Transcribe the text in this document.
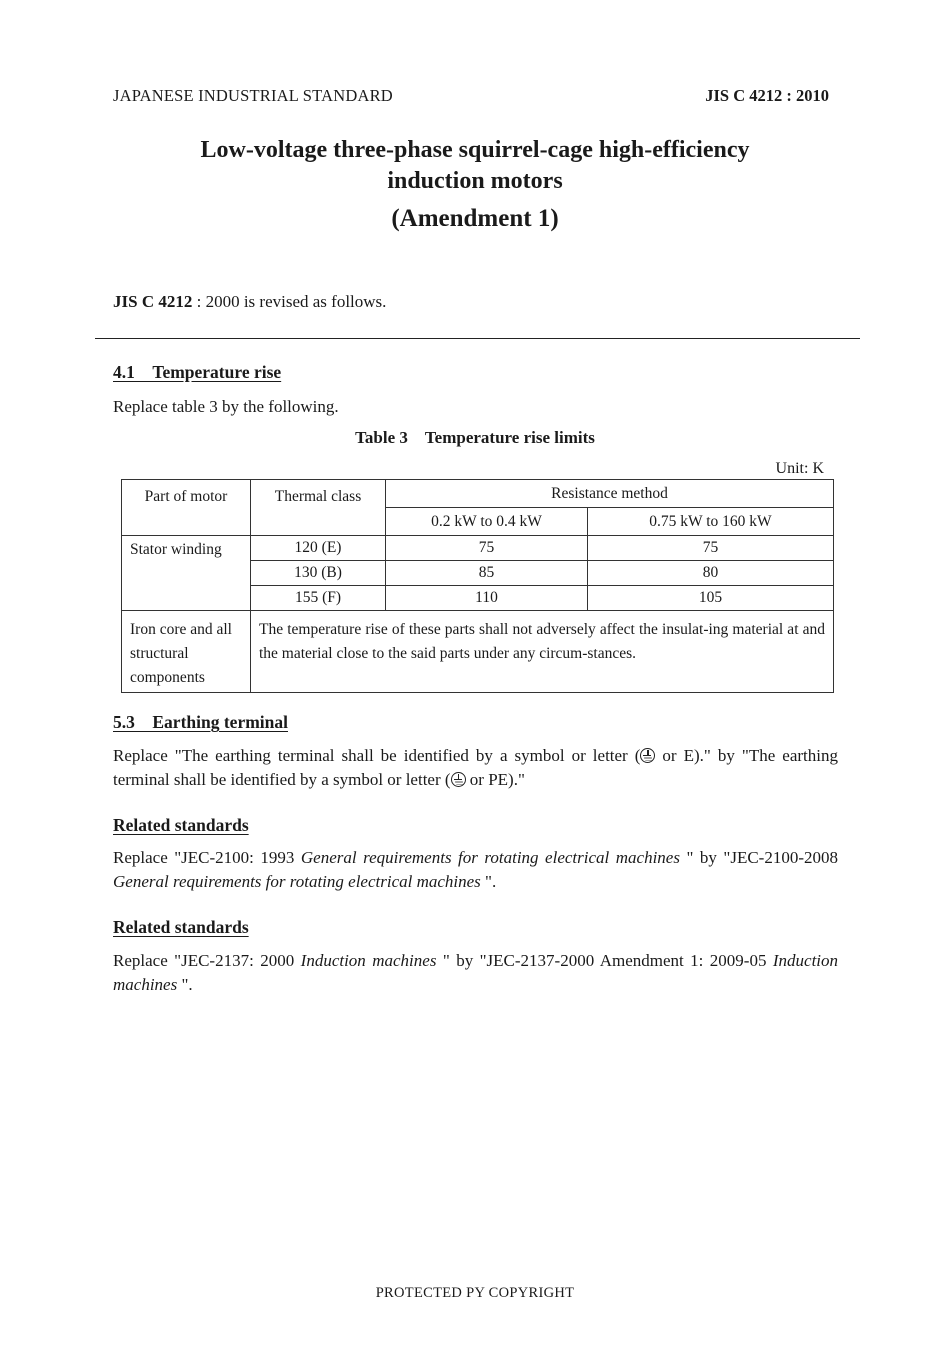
JAPANESE INDUSTRIAL STANDARD	JIS C 4212 : 2010
Low-voltage three-phase squirrel-cage high-efficiency
induction motors
(Amendment 1)
JIS C 4212 : 2000 is revised as follows.
4.1 Temperature rise
Replace table 3 by the following.
Table 3 Temperature rise limits
Unit: K
Part of motor	Thermal class	Resistance method	
		0.2 kW to 0.4 kW	0.75 kW to 160 kW
Stator winding	120 (E)	75	75
	130 (B)	85	80
	155 (F)	110	105
Iron core and all structural components	The temperature rise of these parts shall not adversely affect the insulat-ing material at and the material close to the said parts under any circum-stances.		
5.3 Earthing terminal
Replace "The earthing terminal shall be identified by a symbol or letter ( or E)." by "The earthing terminal shall be identified by a symbol or letter ( or PE)."
Related standards
Replace "JEC-2100: 1993 General requirements for rotating electrical machines " by "JEC-2100-2008 General requirements for rotating electrical machines ".
Related standards
Replace "JEC-2137: 2000 Induction machines " by "JEC-2137-2000 Amendment 1: 2009-05 Induction machines ".
PROTECTED PY COPYRIGHT
